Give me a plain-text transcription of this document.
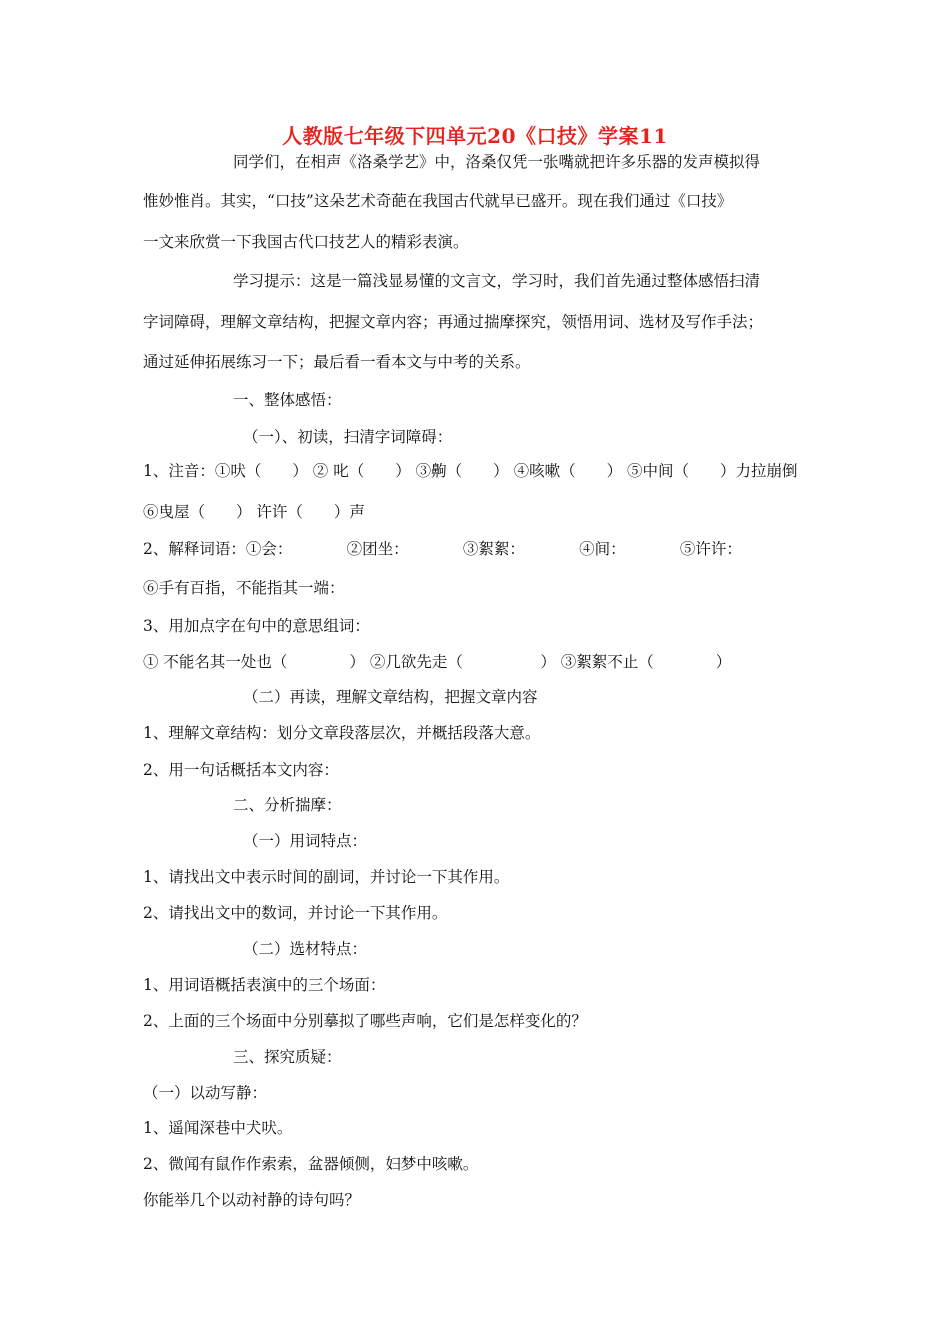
人教版七年级下四单元20《口技》学案11
同学们，在相声《洛桑学艺》中，洛桑仅凭一张嘴就把许多乐器的发声模拟得
惟妙惟肖。其实，“口技”这朵艺术奇葩在我国古代就早已盛开。现在我们通过《口技》
一文来欣赏一下我国古代口技艺人的精彩表演。
学习提示：这是一篇浅显易懂的文言文，学习时，我们首先通过整体感悟扫清
字词障碍，理解文章结构，把握文章内容；再通过揣摩探究，领悟用词、选材及写作手法；
通过延伸拓展练习一下；最后看一看本文与中考的关系。
一、整体感悟：
（一）、初读，扫清字词障碍：
1、注音：①吠（　　） ② 叱（　　） ③齁（　　） ④咳嗽（　　） ⑤中间（　　）力拉崩倒
⑥曳屋（　　） 许许（　　）声
2、解释词语：①会：　　　　②团坐：　　　　③絮絮：　　　　④间：　　　　⑤许许：
⑥手有百指，不能指其一端：
3、用加点字在句中的意思组词：
① 不能名其一处也（　　　　） ②几欲先走（　　　　　） ③絮絮不止（　　　　）
（二）再读，理解文章结构，把握文章内容
1、理解文章结构：划分文章段落层次，并概括段落大意。
2、用一句话概括本文内容：
二、分析揣摩：
（一）用词特点：
1、请找出文中表示时间的副词，并讨论一下其作用。
2、请找出文中的数词，并讨论一下其作用。
（二）选材特点：
1、用词语概括表演中的三个场面：
2、上面的三个场面中分别摹拟了哪些声响，它们是怎样变化的？
三、探究质疑：
（一）以动写静：
1、遥闻深巷中犬吠。
2、微闻有鼠作作索索，盆器倾侧，妇梦中咳嗽。
你能举几个以动衬静的诗句吗？
